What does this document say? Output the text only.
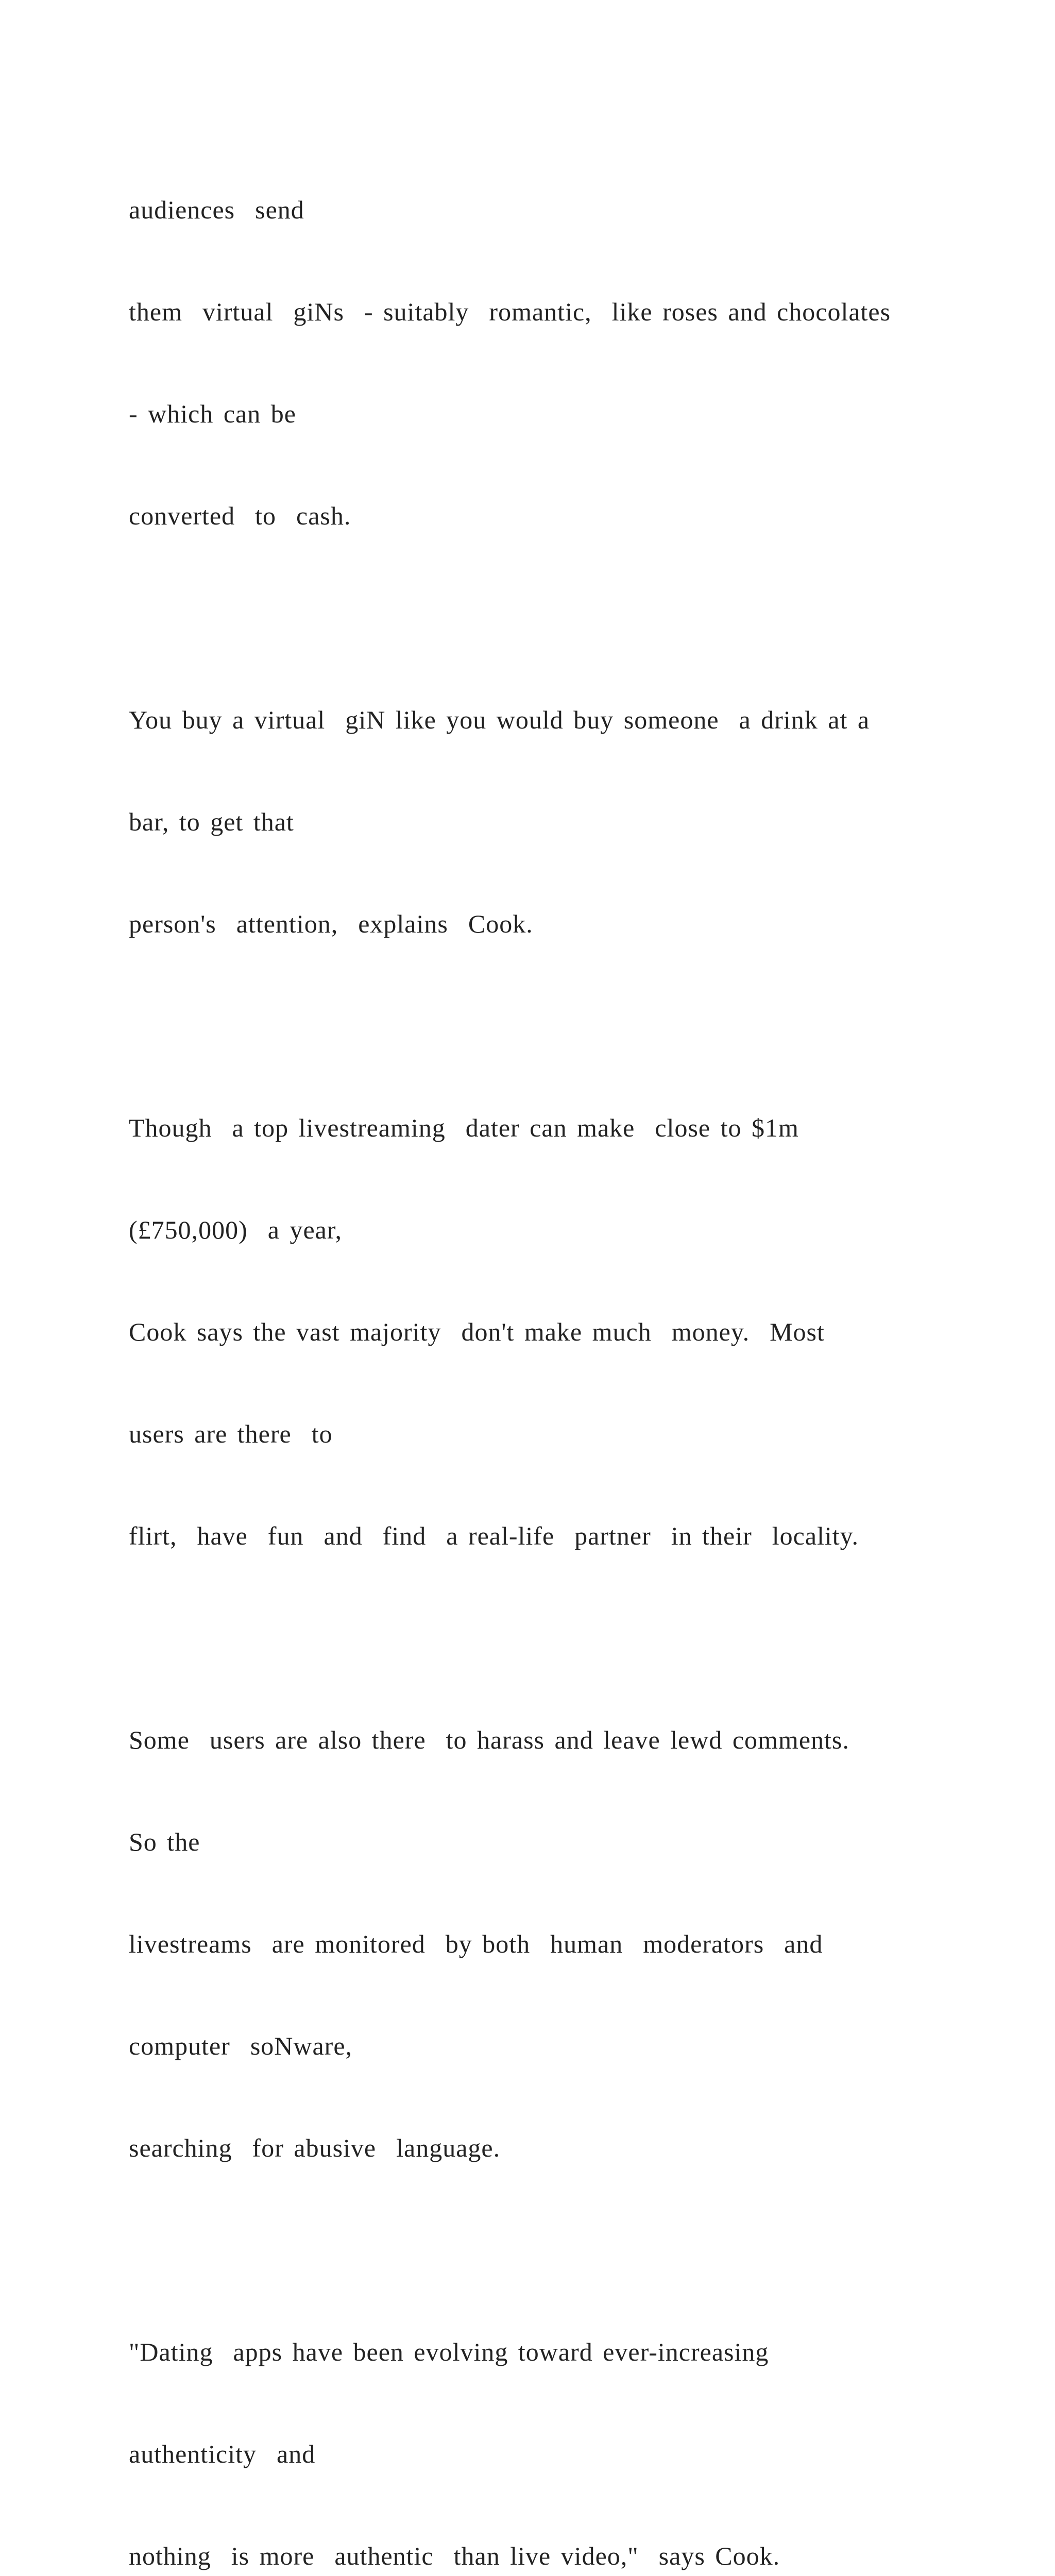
audiences  send

them  virtual  giNs  - suitably  romantic,  like roses and chocolates

- which can be

converted  to  cash.

You buy a virtual  giN like you would buy someone  a drink at a

bar, to get that

person's  attention,  explains  Cook.

Though  a top livestreaming  dater can make  close to $1m

(£750,000)  a year,

Cook says the vast majority  don't make much  money.  Most

users are there  to

flirt,  have  fun  and  find  a real-life  partner  in their  locality.

Some  users are also there  to harass and leave lewd comments.

So the

livestreams  are monitored  by both  human  moderators  and

computer  soNware,

searching  for abusive  language.

"Dating  apps have been evolving toward ever-increasing

authenticity  and

nothing  is more  authentic  than live video,"  says Cook.
